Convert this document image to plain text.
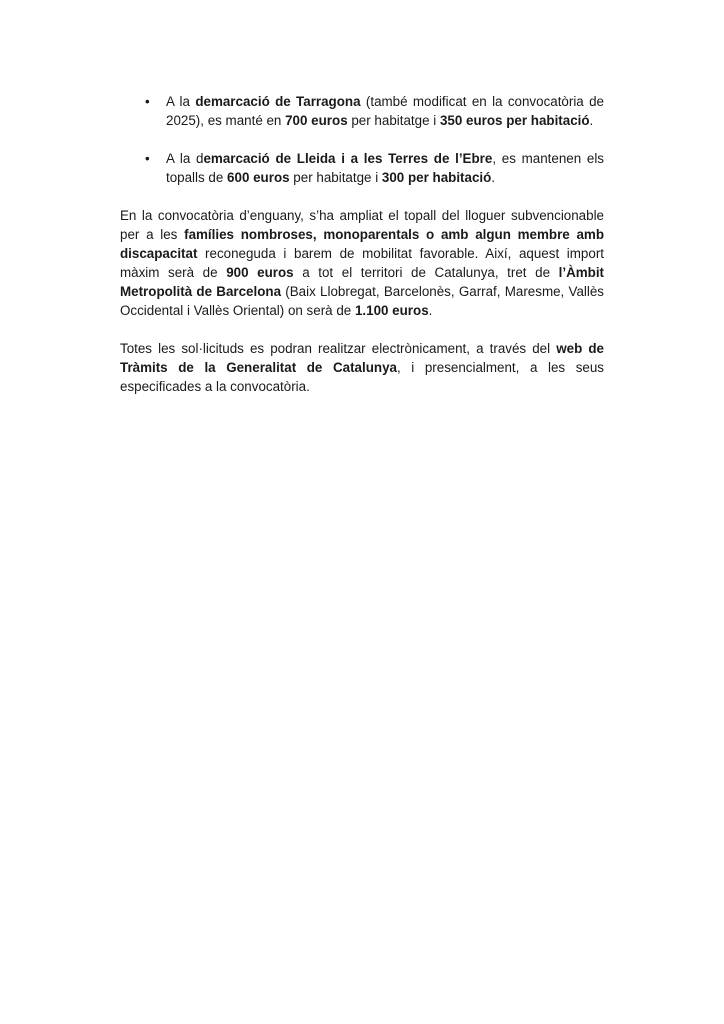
• A la demarcació de Tarragona (també modificat en la convocatòria de 2025), es manté en 700 euros per habitatge i 350 euros per habitació.
• A la demarcació de Lleida i a les Terres de l’Ebre, es mantenen els topalls de 600 euros per habitatge i 300 per habitació.

En la convocatòria d’enguany, s’ha ampliat el topall del lloguer subvencionable per a les famílies nombroses, monoparentals o amb algun membre amb discapacitat reconeguda i barem de mobilitat favorable. Així, aquest import màxim serà de 900 euros a tot el territori de Catalunya, tret de l’Àmbit Metropolità de Barcelona (Baix Llobregat, Barcelonès, Garraf, Maresme, Vallès Occidental i Vallès Oriental) on serà de 1.100 euros.

Totes les sol·licituds es podran realitzar electrònicament, a través del web de Tràmits de la Generalitat de Catalunya, i presencialment, a les seus especificades a la convocatòria.
